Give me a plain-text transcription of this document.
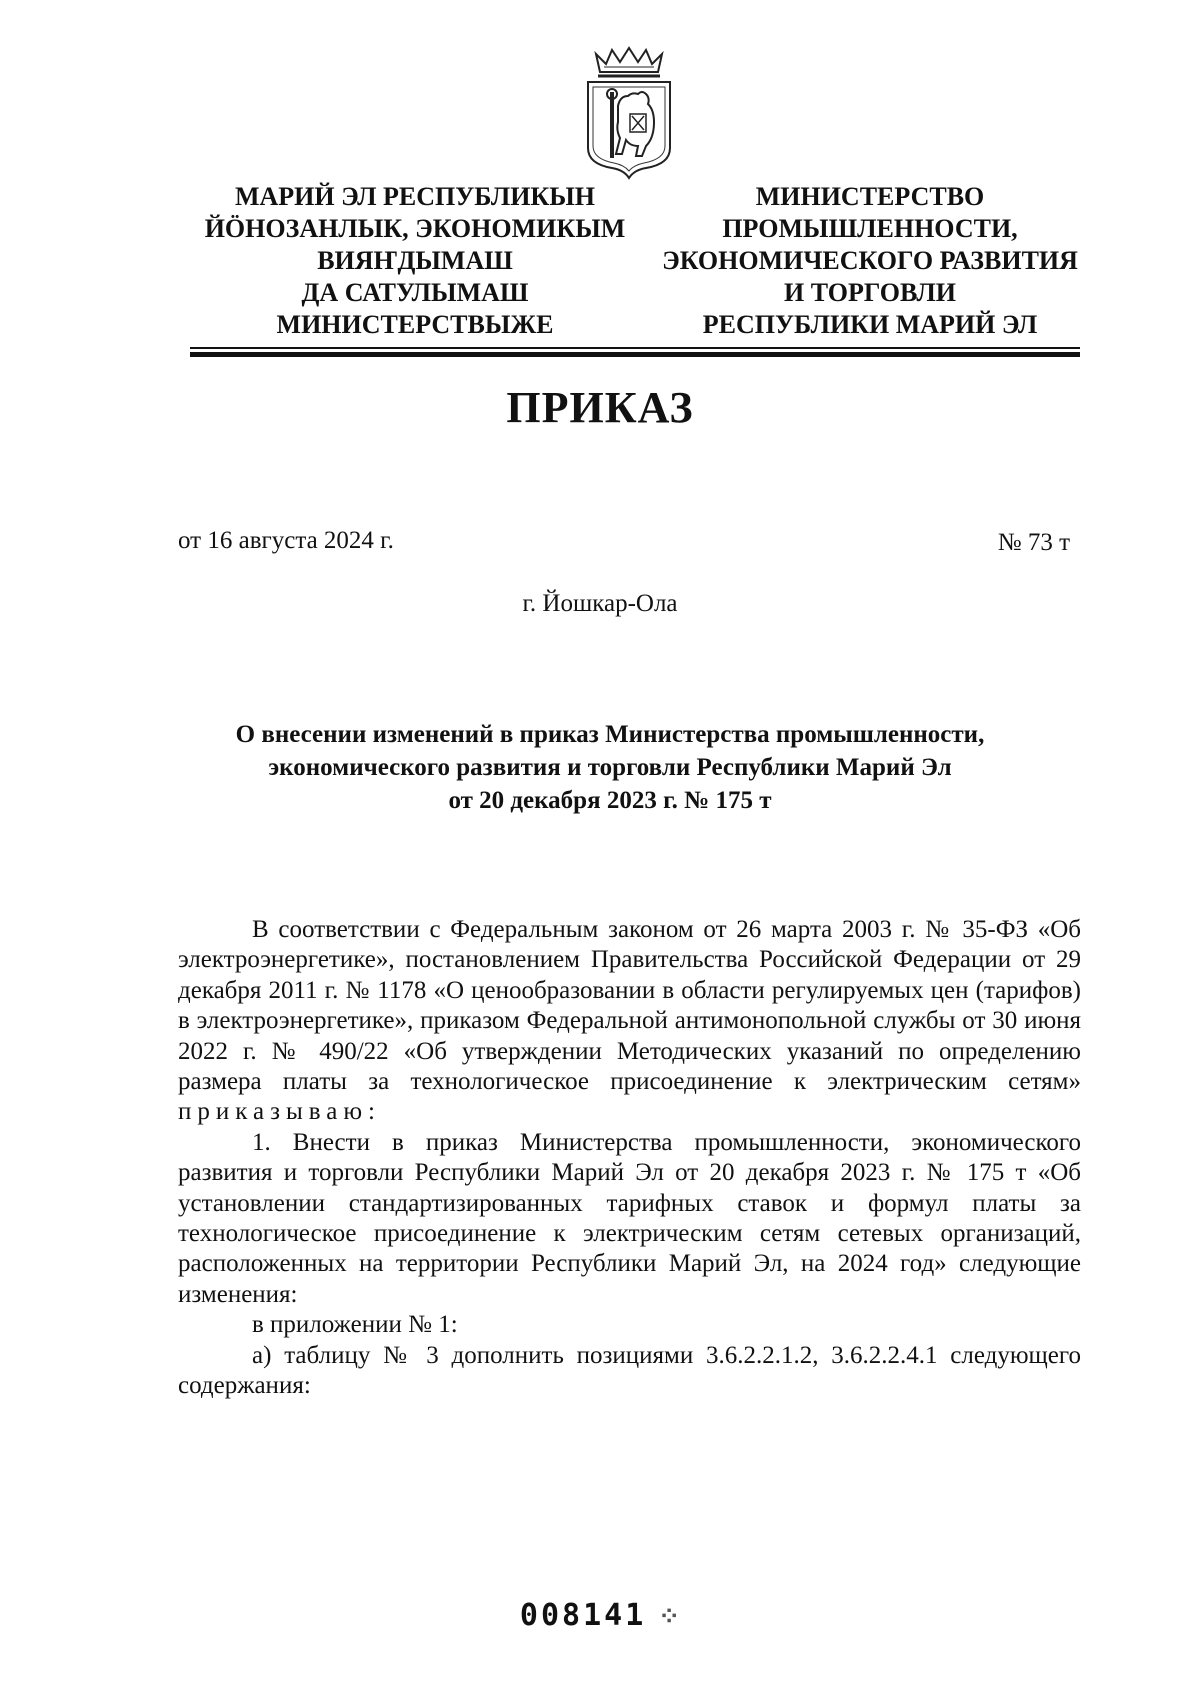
МАРИЙ ЭЛ РЕСПУБЛИКЫН
ЙӦНОЗАНЛЫК, ЭКОНОМИКЫМ
ВИЯҤДЫМАШ
ДА САТУЛЫМАШ
МИНИСТЕРСТВЫЖЕ
МИНИСТЕРСТВО
ПРОМЫШЛЕННОСТИ,
ЭКОНОМИЧЕСКОГО РАЗВИТИЯ
И ТОРГОВЛИ
РЕСПУБЛИКИ МАРИЙ ЭЛ
ПРИКАЗ
от 16 августа 2024 г.	№ 73 т
г. Йошкар-Ола
О внесении изменений в приказ Министерства промышленности,
экономического развития и торговли Республики Марий Эл
от 20 декабря 2023 г. № 175 т

В соответствии с Федеральным законом от 26 марта 2003 г. № 35-ФЗ «Об электроэнергетике», постановлением Правительства Российской Федерации от 29 декабря 2011 г. № 1178 «О ценообразовании в области регулируемых цен (тарифов) в электроэнергетике», приказом Федеральной антимонопольной службы от 30 июня 2022 г. № 490/22 «Об утверждении Методических указаний по определению размера платы за технологическое присоединение к электрическим сетям» приказываю:

1. Внести в приказ Министерства промышленности, экономического развития и торговли Республики Марий Эл от 20 декабря 2023 г. № 175 т «Об установлении стандартизированных тарифных ставок и формул платы за технологическое присоединение к электрическим сетям сетевых организаций, расположенных на территории Республики Марий Эл, на 2024 год» следующие изменения:

в приложении № 1:

а) таблицу № 3 дополнить позициями 3.6.2.2.1.2, 3.6.2.2.4.1 следующего содержания:

008141 ⁘
